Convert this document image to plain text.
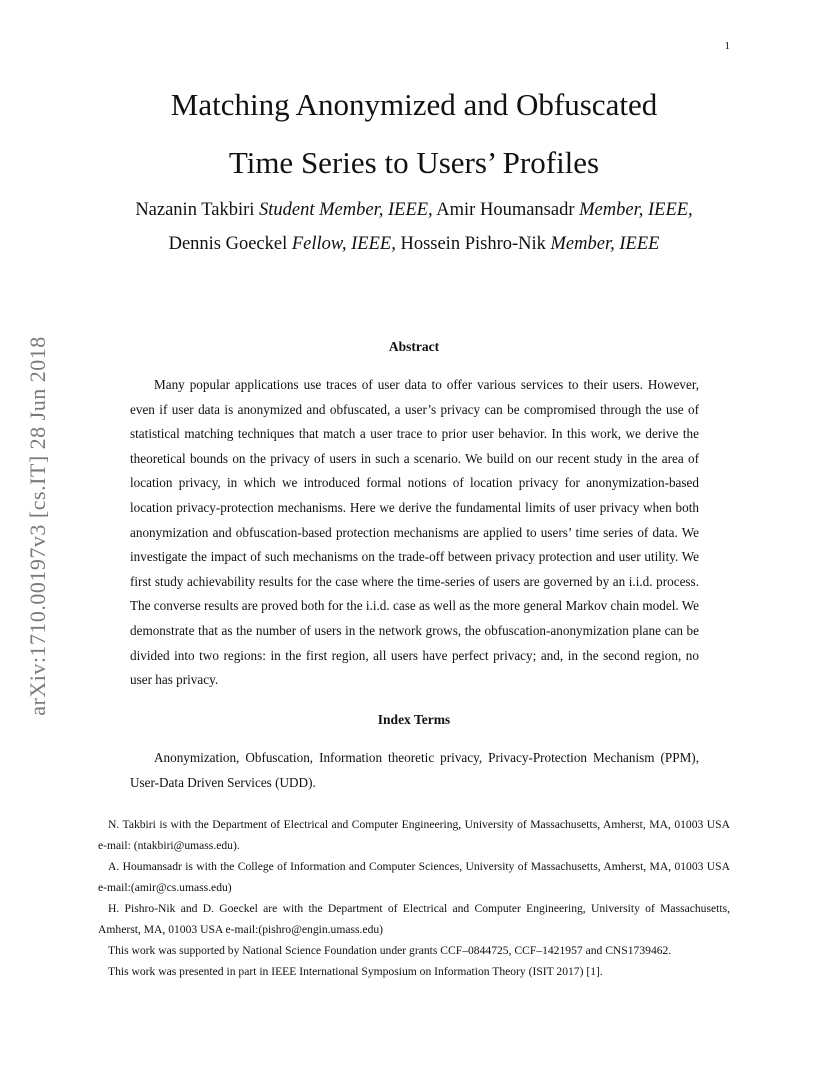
1
arXiv:1710.00197v3 [cs.IT] 28 Jun 2018
Matching Anonymized and Obfuscated
Time Series to Users’ Profiles
Nazanin Takbiri Student Member, IEEE, Amir Houmansadr Member, IEEE,
Dennis Goeckel Fellow, IEEE, Hossein Pishro-Nik Member, IEEE
Abstract

Many popular applications use traces of user data to offer various services to their users. However, even if user data is anonymized and obfuscated, a user’s privacy can be compromised through the use of statistical matching techniques that match a user trace to prior user behavior. In this work, we derive the theoretical bounds on the privacy of users in such a scenario. We build on our recent study in the area of location privacy, in which we introduced formal notions of location privacy for anonymization-based location privacy-protection mechanisms. Here we derive the fundamental limits of user privacy when both anonymization and obfuscation-based protection mechanisms are applied to users’ time series of data. We investigate the impact of such mechanisms on the trade-off between privacy protection and user utility. We first study achievability results for the case where the time-series of users are governed by an i.i.d. process. The converse results are proved both for the i.i.d. case as well as the more general Markov chain model. We demonstrate that as the number of users in the network grows, the obfuscation-anonymization plane can be divided into two regions: in the first region, all users have perfect privacy; and, in the second region, no user has privacy.

Index Terms

Anonymization, Obfuscation, Information theoretic privacy, Privacy-Protection Mechanism (PPM), User-Data Driven Services (UDD).

N. Takbiri is with the Department of Electrical and Computer Engineering, University of Massachusetts, Amherst, MA, 01003 USA e-mail: (ntakbiri@umass.edu).

A. Houmansadr is with the College of Information and Computer Sciences, University of Massachusetts, Amherst, MA, 01003 USA e-mail:(amir@cs.umass.edu)

H. Pishro-Nik and D. Goeckel are with the Department of Electrical and Computer Engineering, University of Massachusetts, Amherst, MA, 01003 USA e-mail:(pishro@engin.umass.edu)

This work was supported by National Science Foundation under grants CCF–0844725, CCF–1421957 and CNS1739462.

This work was presented in part in IEEE International Symposium on Information Theory (ISIT 2017) [1].
